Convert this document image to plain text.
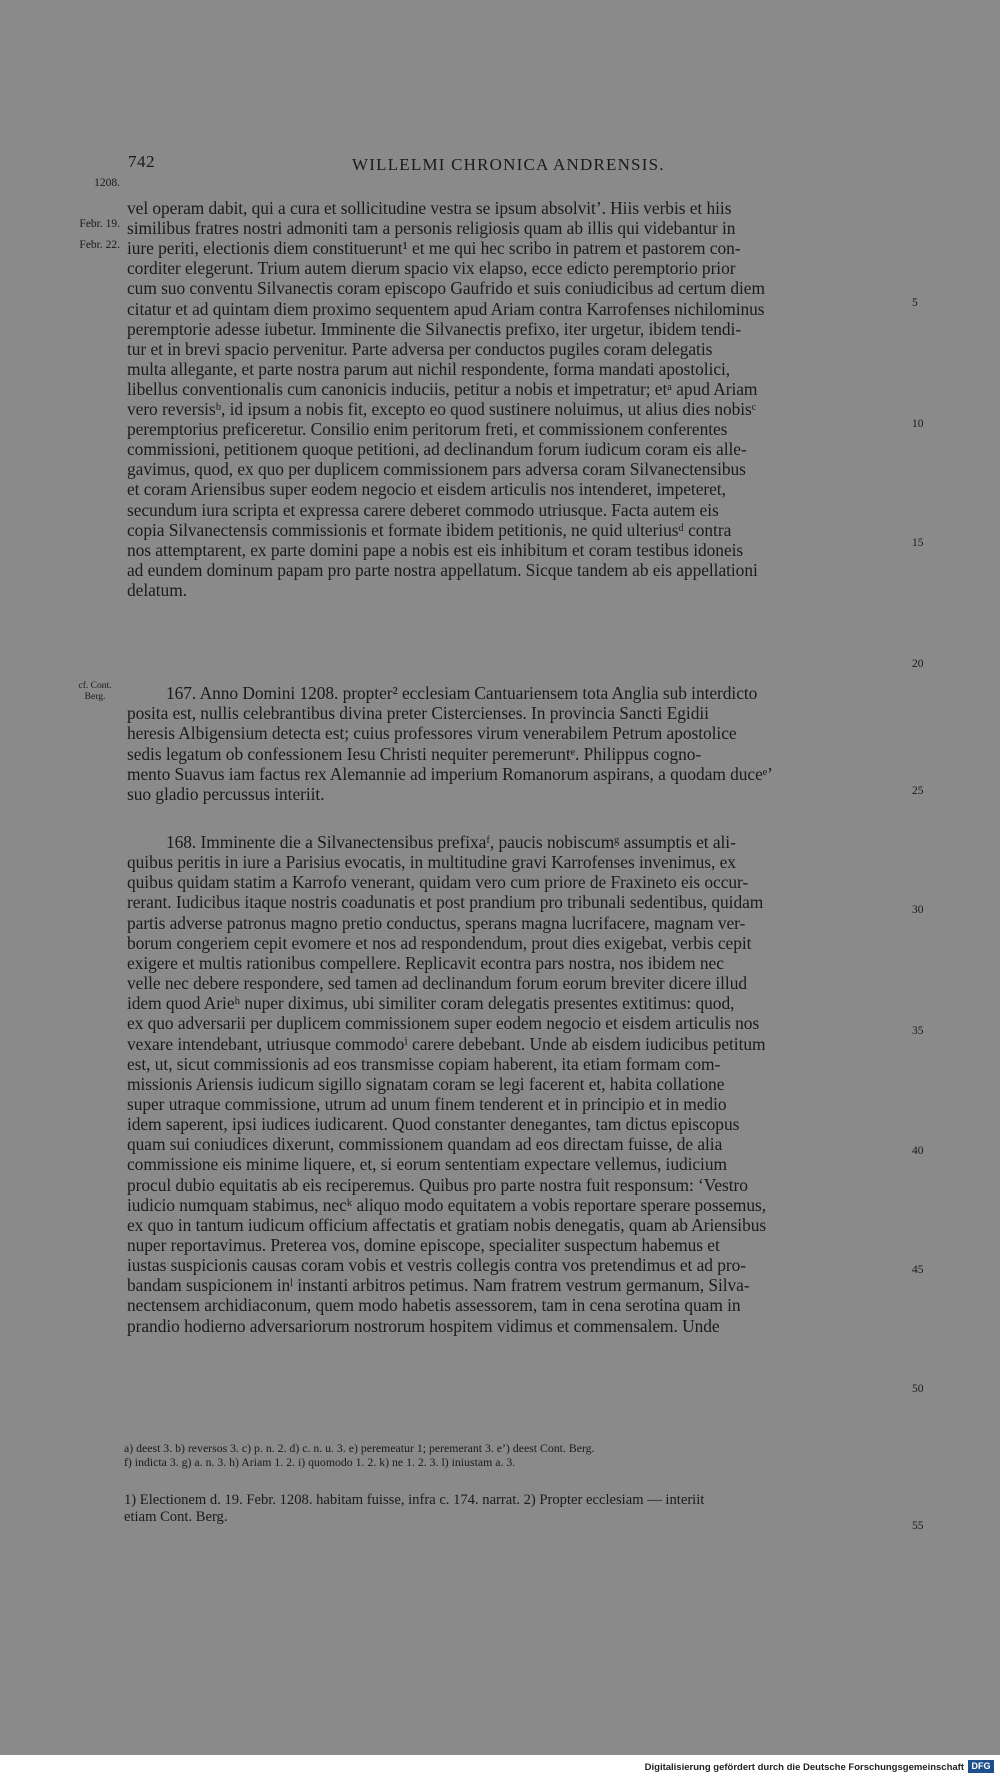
742	WILLELMI CHRONICA ANDRENSIS.
1208.
Febr. 19.
Febr. 22.
cf. Cont.
Berg.
vel operam dabit, qui a cura et sollicitudine vestra se ipsum absolvit’. Hiis verbis et hiis
similibus fratres nostri admoniti tam a personis religiosis quam ab illis qui videbantur in
iure periti, electionis diem constituerunt¹ et me qui hec scribo in patrem et pastorem con-
corditer elegerunt. Trium autem dierum spacio vix elapso, ecce edicto peremptorio prior
cum suo conventu Silvanectis coram episcopo Gaufrido et suis coniudicibus ad certum diem
citatur et ad quintam diem proximo sequentem apud Ariam contra Karrofenses nichilominus
peremptorie adesse iubetur. Imminente die Silvanectis prefixo, iter urgetur, ibidem tendi-
tur et in brevi spacio pervenitur. Parte adversa per conductos pugiles coram delegatis
multa allegante, et parte nostra parum aut nichil respondente, forma mandati apostolici,
libellus conventionalis cum canonicis induciis, petitur a nobis et impetratur; etᵃ apud Ariam
vero reversisᵇ, id ipsum a nobis fit, excepto eo quod sustinere noluimus, ut alius dies nobisᶜ
peremptorius preficeretur. Consilio enim peritorum freti, et commissionem conferentes
commissioni, petitionem quoque petitioni, ad declinandum forum iudicum coram eis alle-
gavimus, quod, ex quo per duplicem commissionem pars adversa coram Silvanectensibus
et coram Ariensibus super eodem negocio et eisdem articulis nos intenderet, impeteret,
secundum iura scripta et expressa carere deberet commodo utriusque. Facta autem eis
copia Silvanectensis commissionis et formate ibidem petitionis, ne quid ulteriusᵈ contra
nos attemptarent, ex parte domini pape a nobis est eis inhibitum et coram testibus idoneis
ad eundem dominum papam pro parte nostra appellatum. Sicque tandem ab eis appellationi
delatum.
167. Anno Domini 1208. propter² ecclesiam Cantuariensem tota Anglia sub interdicto
posita est, nullis celebrantibus divina preter Cistercienses. In provincia Sancti Egidii
heresis Albigensium detecta est; cuius professores virum venerabilem Petrum apostolice
sedis legatum ob confessionem Iesu Christi nequiter peremeruntᵉ. Philippus cogno-
mento Suavus iam factus rex Alemannie ad imperium Romanorum aspirans, a quodam duceᵉ’
suo gladio percussus interiit.
168. Imminente die a Silvanectensibus prefixaᶠ, paucis nobiscumᵍ assumptis et ali-
quibus peritis in iure a Parisius evocatis, in multitudine gravi Karrofenses invenimus, ex
quibus quidam statim a Karrofo venerant, quidam vero cum priore de Fraxineto eis occur-
rerant. Iudicibus itaque nostris coadunatis et post prandium pro tribunali sedentibus, quidam
partis adverse patronus magno pretio conductus, sperans magna lucrifacere, magnam ver-
borum congeriem cepit evomere et nos ad respondendum, prout dies exigebat, verbis cepit
exigere et multis rationibus compellere. Replicavit econtra pars nostra, nos ibidem nec
velle nec debere respondere, sed tamen ad declinandum forum eorum breviter dicere illud
idem quod Arieʰ nuper diximus, ubi similiter coram delegatis presentes extitimus: quod,
ex quo adversarii per duplicem commissionem super eodem negocio et eisdem articulis nos
vexare intendebant, utriusque commodoⁱ carere debebant. Unde ab eisdem iudicibus petitum
est, ut, sicut commissionis ad eos transmisse copiam haberent, ita etiam formam com-
missionis Ariensis iudicum sigillo signatam coram se legi facerent et, habita collatione
super utraque commissione, utrum ad unum finem tenderent et in principio et in medio
idem saperent, ipsi iudices iudicarent. Quod constanter denegantes, tam dictus episcopus
quam sui coniudices dixerunt, commissionem quandam ad eos directam fuisse, de alia
commissione eis minime liquere, et, si eorum sententiam expectare vellemus, iudicium
procul dubio equitatis ab eis reciperemus. Quibus pro parte nostra fuit responsum: ‘Vestro
iudicio numquam stabimus, necᵏ aliquo modo equitatem a vobis reportare sperare possemus,
ex quo in tantum iudicum officium affectatis et gratiam nobis denegatis, quam ab Ariensibus
nuper reportavimus. Preterea vos, domine episcope, specialiter suspectum habemus et
iustas suspicionis causas coram vobis et vestris collegis contra vos pretendimus et ad pro-
bandam suspicionem inˡ instanti arbitros petimus. Nam fratrem vestrum germanum, Silva-
nectensem archidiaconum, quem modo habetis assessorem, tam in cena serotina quam in
prandio hodierno adversariorum nostrorum hospitem vidimus et commensalem. Unde
5
10
15
20
25
30
35
40
45
50
55
a) deest 3. b) reversos 3. c) p. n. 2. d) c. n. u. 3. e) peremeatur 1; peremerant 3. e’) deest Cont. Berg.
f) indicta 3. g) a. n. 3. h) Ariam 1. 2. i) quomodo 1. 2. k) ne 1. 2. 3. l) iniustam a. 3.
1) Electionem d. 19. Febr. 1208. habitam fuisse, infra c. 174. narrat. 2) Propter ecclesiam — interiit
etiam Cont. Berg.
Digitalisierung gefördert durch die Deutsche Forschungsgemeinschaft DFG
